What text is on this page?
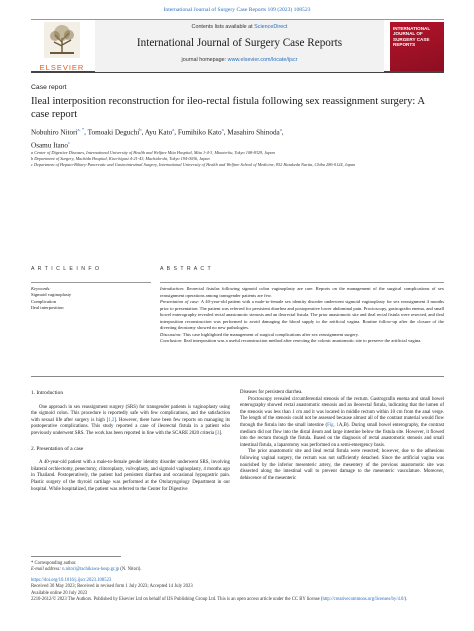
International Journal of Surgery Case Reports 109 (2023) 108523
ELSEVIER
Contents lists available at ScienceDirect
International Journal of Surgery Case Reports
journal homepage: www.elsevier.com/locate/ijscr
INTERNATIONAL JOURNAL OF SURGERY CASE REPORTS
Case report
Ileal interposition reconstruction for ileo-rectal fistula following sex reassignment surgery: A case report
Nobuhiro Nitori$^{a, *}$, Tomoaki Deguchi$^b$, Ayu Kato$^a$, Fumihiko Kato$^a$, Masahiro Shinoda$^a$,
Osamu Itano$^c$
a Center of Digestive Diseases, International University of Health and Welfare Mita Hospital, Mita 1-4-3, Minato-ku, Tokyo 108-8329, Japan
b Department of Surgery, Machida Hospital, Kiso-higasi 4-21-43, Machida-shi, Tokyo 194-0036, Japan
c Department of Hepato-Biliary-Pancreatic and Gastrointestinal Surgery, International University of Health and Welfare School of Medicine, 852 Hatakeda Narita, Chiba 286-0124, Japan
A R T I C L E I N F O
Keywords:
Sigmoid vaginoplasty
Complication
Ileal interposition
A B S T R A C T
Introduction: Ileorectal fistulas following sigmoid colon vaginoplasty are rare. Reports on the management of the surgical complications of sex reassignment operations among transgender patients are few.
Presentation of case: A 40-year-old patient with a male-to-female sex identity disorder underwent sigmoid vaginoplasty for sex reassignment 4 months prior to presentation. The patient was referred for persistent diarrhea and postoperative lower abdominal pain. Proctoscopy, gastrografin enema, and small bowel enterography revealed rectal anastomotic stenosis and an ileorectal fistula. The prior anastomotic site and ileal rectal fistula were resected, and ileal interposition reconstruction was performed to avoid damaging the blood supply to the artificial vagina. Routine follow-up after the closure of the diverting ileostomy showed no new pathologies.
Discussion: This case highlighted the management of surgical complications after sex reassignment surgery.
Conclusion: Ileal interposition was a useful reconstruction method after resecting the colonic anastomotic site to preserve the artificial vagina.
1. Introduction

One approach in sex reassignment surgery (SRS) for transgender patients is vaginoplasty using the sigmoid colon. This procedure is reportedly safe with few complications, and the satisfaction with sexual life after surgery is high [1,2]. However, there have been few reports on managing its postoperative complications. This study reported a case of ileorectal fistula in a patient who previously underwent SRS. The work has been reported in line with the SCARE 2020 criteria [3].

2. Presentation of a case

A 40-year-old patient with a male-to-female gender identity disorder underwent SRS, involving bilateral orchiectomy, penectomy, clitoroplasty, vulvoplasty, and sigmoid vaginoplasty, 4 months ago in Thailand. Postoperatively, the patient had persistent diarrhea and occasional hypogastric pain. Plastic surgery of the thyroid cartilage was performed at the Otolaryngology Department in our hospital. While hospitalized, the patient was referred to the Center for Digestive

Diseases for persistent diarrhea.

Proctoscopy revealed circumferential stenosis of the rectum. Gastrografin enema and small bowel enterography showed rectal anastomotic stenosis and an ileorectal fistula, indicating that the lumen of the stenosis was less than 1 cm and it was located in middle rectum within 10 cm from the anal verge. The length of the stenosis could not be assessed because almost all of the contrast material would flow through the fistula into the small intestine (Fig. 1A,B). During small bowel enterography, the contrast medium did not flow into the distal ileum and large intestine below the fistula site. However, it flowed into the rectum through the fistula. Based on the diagnosis of rectal anastomotic stenosis and small intestinal fistula, a laparotomy was performed on a semi-emergency basis.

The prior anastomotic site and ileal rectal fistula were resected; however, due to the adhesions following vaginal surgery, the rectum was not sufficiently detached. Since the artificial vagina was nourished by the inferior mesenteric artery, the mesentery of the previous anastomotic site was dissected along the intestinal wall to prevent damage to the mesenteric vasculature. Moreover, dehiscence of the mesenteric

* Corresponding author.
E-mail address: n.nitori@tachikawa-hosp.gr.jp (N. Nitori).
https://doi.org/10.1016/j.ijscr.2023.108523
Received 30 May 2023; Received in revised form 1 July 2023; Accepted 14 July 2023
Available online 20 July 2023
2210-2612/© 2023 The Authors. Published by Elsevier Ltd on behalf of IJS Publishing Group Ltd. This is an open access article under the CC BY license (http://creativecommons.org/licenses/by/4.0/).
